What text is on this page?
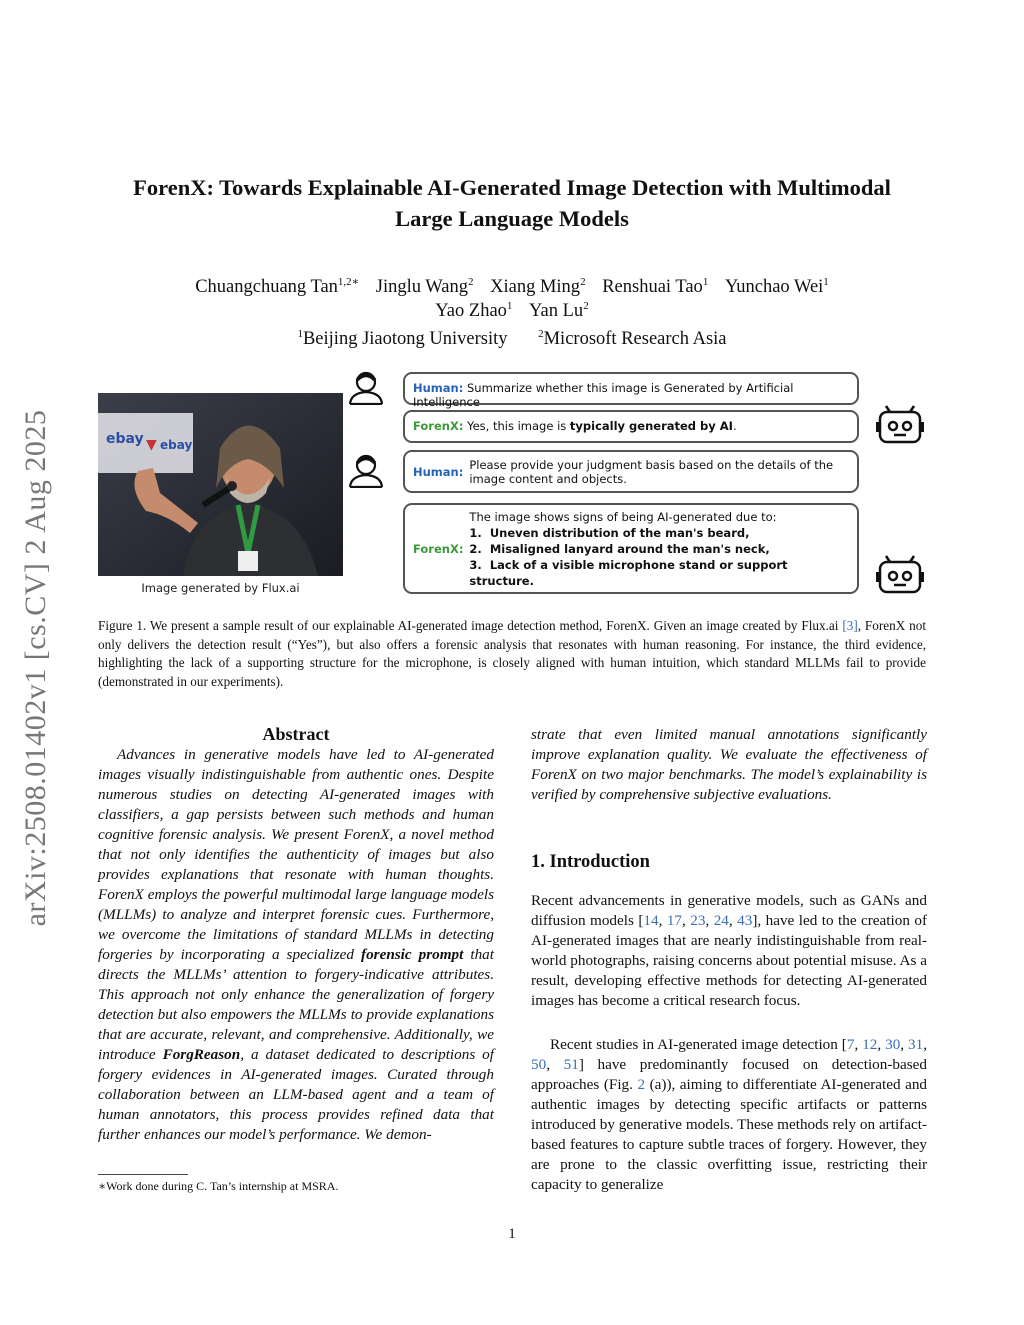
arXiv:2508.01402v1 [cs.CV] 2 Aug 2025
ForenX: Towards Explainable AI-Generated Image Detection with Multimodal
Large Language Models
Chuangchuang Tan$^{1,2∗}$ Jinglu Wang$^2$ Xiang Ming$^2$ Renshuai Tao$^1$ Yunchao Wei$^1$
Yao Zhao$^1$ Yan Lu$^2$
$^1$Beijing Jiaotong University	$^2$Microsoft Research Asia
ebay ▼ ebay
Image generated by Flux.ai
Human: Summarize whether this image is Generated by Artificial Intelligence
ForenX: Yes, this image is typically generated by AI.
Human: Please provide your judgment basis based on the details of the image content and objects.
ForenX:
The image shows signs of being AI-generated due to:
1. Uneven distribution of the man's beard,
2. Misaligned lanyard around the man's neck,
3. Lack of a visible microphone stand or support structure.
Figure 1. We present a sample result of our explainable AI-generated image detection method, ForenX. Given an image created by Flux.ai [3], ForenX not only delivers the detection result (“Yes”), but also offers a forensic analysis that resonates with human reasoning. For instance, the third evidence, highlighting the lack of a supporting structure for the microphone, is closely aligned with human intuition, which standard MLLMs fail to provide (demonstrated in our experiments).
Abstract

Advances in generative models have led to AI-generated images visually indistinguishable from authentic ones. Despite numerous studies on detecting AI-generated images with classifiers, a gap persists between such methods and human cognitive forensic analysis. We present ForenX, a novel method that not only identifies the authenticity of images but also provides explanations that resonate with human thoughts. ForenX employs the powerful multimodal large language models (MLLMs) to analyze and interpret forensic cues. Furthermore, we overcome the limitations of standard MLLMs in detecting forgeries by incorporating a specialized forensic prompt that directs the MLLMs’ attention to forgery-indicative attributes. This approach not only enhance the generalization of forgery detection but also empowers the MLLMs to provide explanations that are accurate, relevant, and comprehensive. Additionally, we introduce ForgReason, a dataset dedicated to descriptions of forgery evidences in AI-generated images. Curated through collaboration between an LLM-based agent and a team of human annotators, this process provides refined data that further enhances our model’s performance. We demon-

strate that even limited manual annotations significantly improve explanation quality. We evaluate the effectiveness of ForenX on two major benchmarks. The model’s explainability is verified by comprehensive subjective evaluations.
1. Introduction
Recent advancements in generative models, such as GANs and diffusion models [14, 17, 23, 24, 43], have led to the creation of AI-generated images that are nearly indistinguishable from real-world photographs, raising concerns about potential misuse. As a result, developing effective methods for detecting AI-generated images has become a critical research focus.

Recent studies in AI-generated image detection [7, 12, 30, 31, 50, 51] have predominantly focused on detection-based approaches (Fig. 2 (a)), aiming to differentiate AI-generated and authentic images by detecting specific artifacts or patterns introduced by generative models. These methods rely on artifact-based features to capture subtle traces of forgery. However, they are prone to the classic overfitting issue, restricting their capacity to generalize

∗Work done during C. Tan’s internship at MSRA.
1
